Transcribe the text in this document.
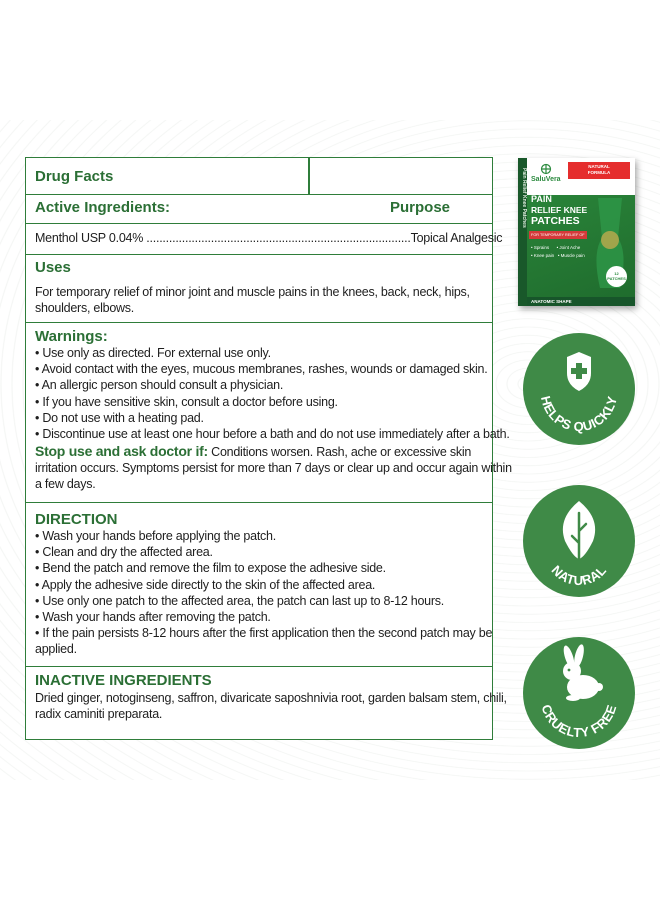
Drug Facts
Active Ingredients:	Purpose
Menthol USP 0.04% ..................................................................................Topical Analgesic
Uses
For temporary relief of minor joint and muscle pains in the knees, back, neck, hips,
shoulders, elbows.
Warnings:
• Use only as directed. For external use only.
• Avoid contact with the eyes, mucous membranes, rashes, wounds or damaged skin.
• An allergic person should consult a physician.
• If you have sensitive skin, consult a doctor before using.
• Do not use with a heating pad.
• Discontinue use at least one hour before a bath and do not use immediately after a bath.
Stop use and ask doctor if: Conditions worsen. Rash, ache or excessive skin
irritation occurs. Symptoms persist for more than 7 days or clear up and occur again within
a few days.
DIRECTION
• Wash your hands before applying the patch.
• Clean and dry the affected area.
• Bend the patch and remove the film to expose the adhesive side.
• Apply the adhesive side directly to the skin of the affected area.
• Use only one patch to the affected area, the patch can last up to 8-12 hours.
• Wash your hands after removing the patch.
• If the pain persists 8-12 hours after the first application then the second patch may be
applied.
INACTIVE INGREDIENTS
Dried ginger, notoginseng, saffron, divaricate saposhnivia root, garden balsam stem, chili,
radix caminiti preparata.
Pain Relief Knee Patches SaluVera
NATURAL
FORMULA
PAIN
RELIEF KNEE
PATCHES
FOR TEMPORARY RELIEF OF
• Sprains • Joint Ache
• Knee pain • Muscle pain
12
PATCHES
ANATOMIC SHAPE
HELPS QUICKLY
NATURAL
CRUELTY FREE
